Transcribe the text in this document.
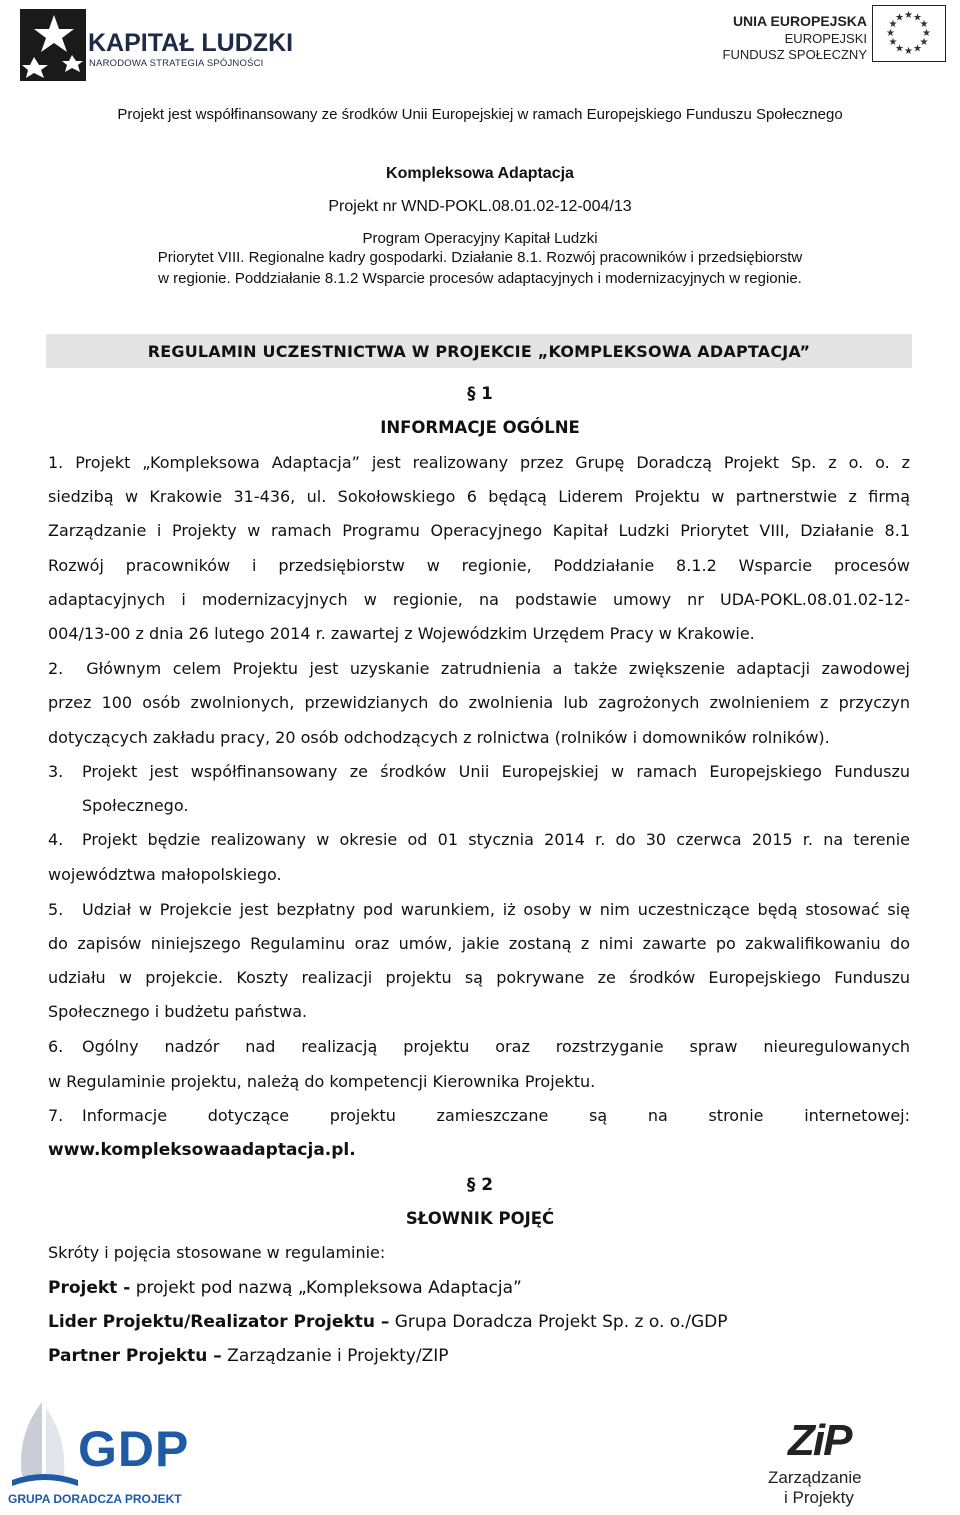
KAPITAŁ LUDZKI
NARODOWA STRATEGIA SPÓJNOŚCI
UNIA EUROPEJSKA
EUROPEJSKI
FUNDUSZ SPOŁECZNY
★ ★
★
★
★
★
★
★
★
★
★
★
Projekt jest współfinansowany ze środków Unii Europejskiej w ramach Europejskiego Funduszu Społecznego
Kompleksowa Adaptacja
Projekt nr WND-POKL.08.01.02-12-004/13
Program Operacyjny Kapitał Ludzki
Priorytet VIII. Regionalne kadry gospodarki. Działanie 8.1. Rozwój pracowników i przedsiębiorstw
w regionie. Poddziałanie 8.1.2 Wsparcie procesów adaptacyjnych i modernizacyjnych w regionie.
REGULAMIN UCZESTNICTWA W PROJEKCIE „KOMPLEKSOWA ADAPTACJA”
§ 1
INFORMACJE OGÓLNE
1. Projekt „Kompleksowa Adaptacja” jest realizowany przez Grupę Doradczą Projekt Sp. z o. o. z
siedzibą w Krakowie 31-436, ul. Sokołowskiego 6 będącą Liderem Projektu w partnerstwie z firmą
Zarządzanie i Projekty w ramach Programu Operacyjnego Kapitał Ludzki Priorytet VIII, Działanie 8.1
Rozwój pracowników i przedsiębiorstw w regionie, Poddziałanie 8.1.2 Wsparcie procesów
adaptacyjnych i modernizacyjnych w regionie, na podstawie umowy nr UDA-POKL.08.01.02-12-
004/13-00 z dnia 26 lutego 2014 r. zawartej z Wojewódzkim Urzędem Pracy w Krakowie.
2. Głównym celem Projektu jest uzyskanie zatrudnienia a także zwiększenie adaptacji zawodowej
przez 100 osób zwolnionych, przewidzianych do zwolnienia lub zagrożonych zwolnieniem z przyczyn
dotyczących zakładu pracy, 20 osób odchodzących z rolnictwa (rolników i domowników rolników).
3. Projekt jest współfinansowany ze środków Unii Europejskiej w ramach Europejskiego Funduszu
Społecznego.
4. Projekt będzie realizowany w okresie od 01 stycznia 2014 r. do 30 czerwca 2015 r. na terenie
województwa małopolskiego.
5. Udział w Projekcie jest bezpłatny pod warunkiem, iż osoby w nim uczestniczące będą stosować się
do zapisów niniejszego Regulaminu oraz umów, jakie zostaną z nimi zawarte po zakwalifikowaniu do
udziału w projekcie. Koszty realizacji projektu są pokrywane ze środków Europejskiego Funduszu
Społecznego i budżetu państwa.
6. Ogólny nadzór nad realizacją projektu oraz rozstrzyganie spraw nieuregulowanych
w Regulaminie projektu, należą do kompetencji Kierownika Projektu.
7. Informacje dotyczące projektu zamieszczane są na stronie internetowej:
www.kompleksowaadaptacja.pl.
§ 2
SŁOWNIK POJĘĆ
Skróty i pojęcia stosowane w regulaminie:
Projekt - projekt pod nazwą „Kompleksowa Adaptacja”
Lider Projektu/Realizator Projektu – Grupa Doradcza Projekt Sp. z o. o./GDP
Partner Projektu – Zarządzanie i Projekty/ZIP
GDP
GRUPA DORADCZA PROJEKT
ZiP
Zarządzanie
i Projekty
